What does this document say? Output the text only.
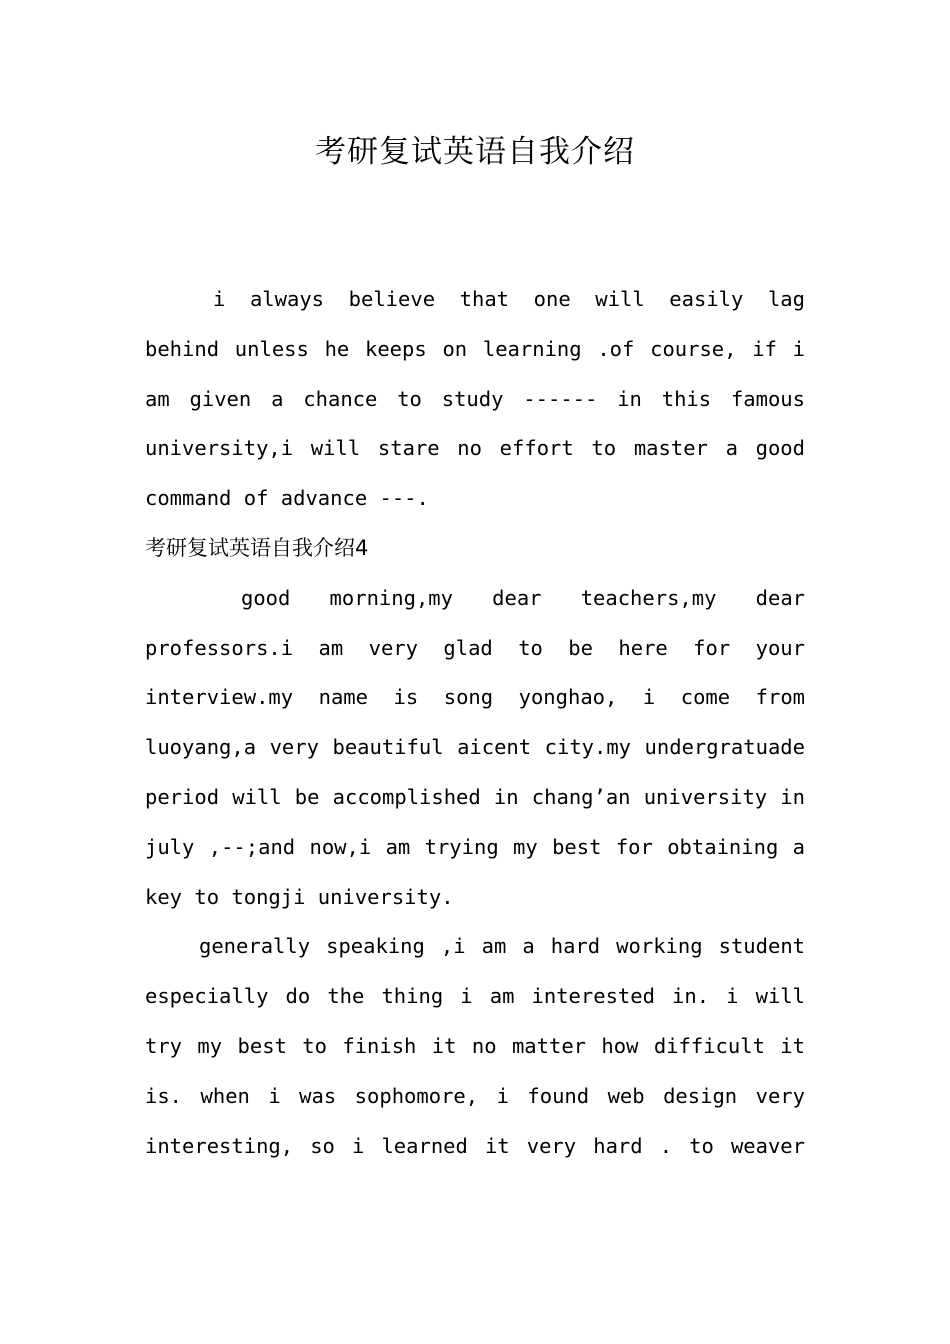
考研复试英语自我介绍

i always believe that one will easily lag behind unless he keeps on learning .of course, if i am given a chance to study ------ in this famous university,i will stare no effort to master a good command of advance ---.

考研复试英语自我介绍4

good morning,my dear teachers,my dear professors.i am very glad to be here for your interview.my name is song yonghao, i come from luoyang,a very beautiful aicent city.my undergratuade period will be accomplished in chang’an university in july ,--;and now,i am trying my best for obtaining a key to tongji university.

generally speaking ,i am a hard working student especially do the thing i am interested in. i will try my best to finish it no matter how difficult it is. when i was sophomore, i found web design very interesting, so i learned it very hard . to weaver
